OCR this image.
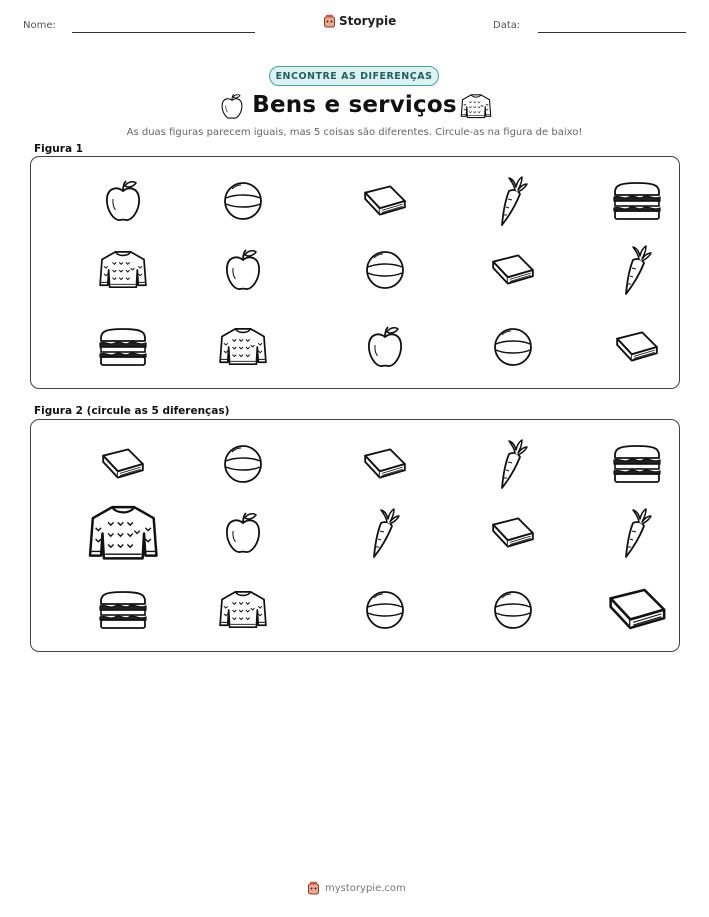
Nome:	Storypie	Data:
ENCONTRE AS DIFERENÇAS
Bens e serviços
As duas figuras parecem iguais, mas 5 coisas são diferentes. Circule-as na figura de baixo!
Figura 1
Figura 2 (circule as 5 diferenças)
mystorypie.com
